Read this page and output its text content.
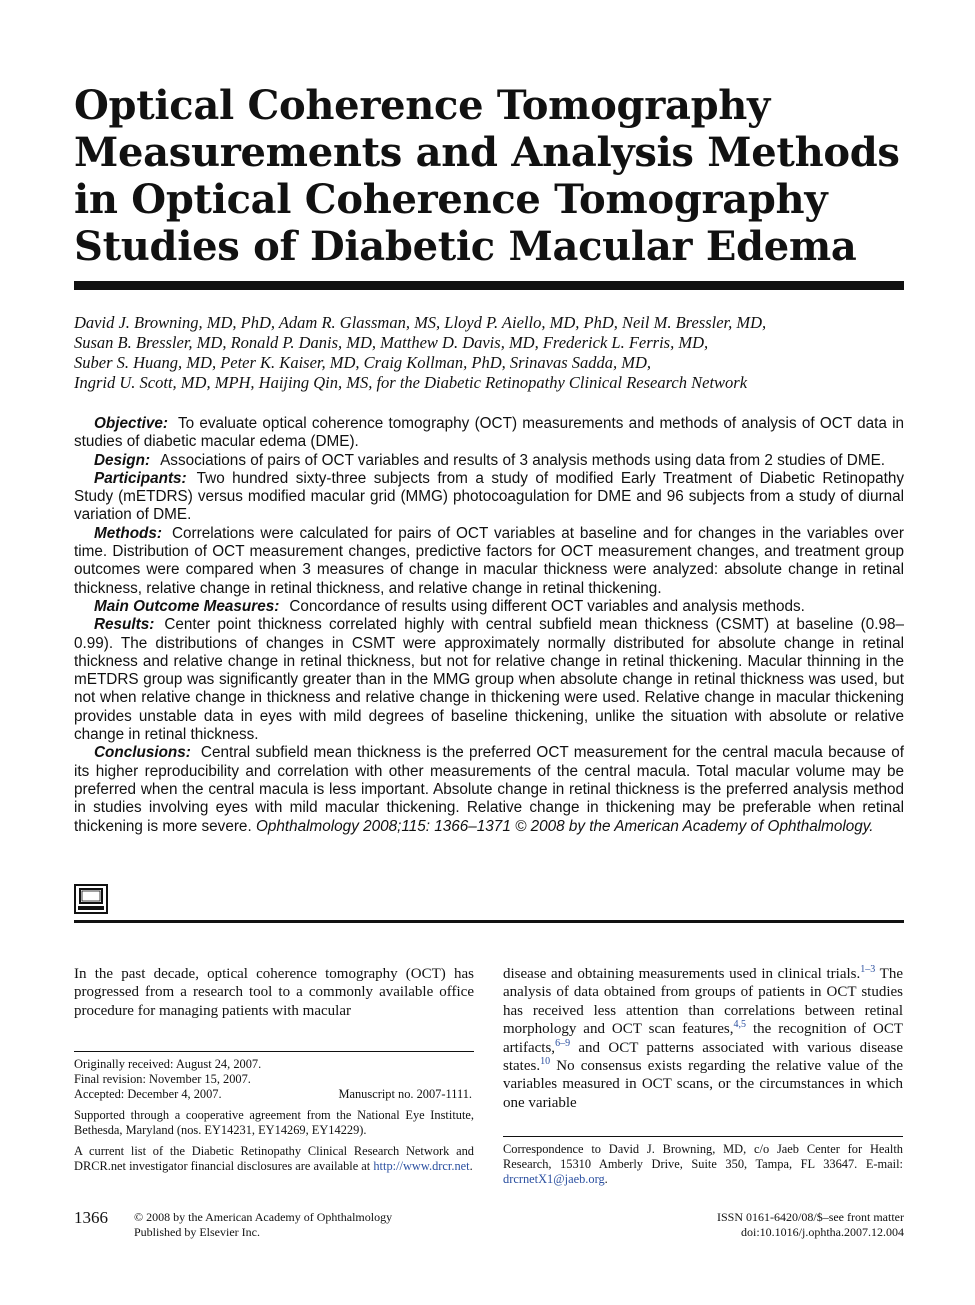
Optical Coherence Tomography Measurements and Analysis Methods in Optical Coherence Tomography Studies of Diabetic Macular Edema
David J. Browning, MD, PhD, Adam R. Glassman, MS, Lloyd P. Aiello, MD, PhD, Neil M. Bressler, MD,
Susan B. Bressler, MD, Ronald P. Danis, MD, Matthew D. Davis, MD, Frederick L. Ferris, MD,
Suber S. Huang, MD, Peter K. Kaiser, MD, Craig Kollman, PhD, Srinavas Sadda, MD,
Ingrid U. Scott, MD, MPH, Haijing Qin, MS, for the Diabetic Retinopathy Clinical Research Network

Objective: To evaluate optical coherence tomography (OCT) measurements and methods of analysis of OCT data in studies of diabetic macular edema (DME).

Design: Associations of pairs of OCT variables and results of 3 analysis methods using data from 2 studies of DME.

Participants: Two hundred sixty-three subjects from a study of modified Early Treatment of Diabetic Retinopathy Study (mETDRS) versus modified macular grid (MMG) photocoagulation for DME and 96 subjects from a study of diurnal variation of DME.

Methods: Correlations were calculated for pairs of OCT variables at baseline and for changes in the variables over time. Distribution of OCT measurement changes, predictive factors for OCT measurement changes, and treatment group outcomes were compared when 3 measures of change in macular thickness were analyzed: absolute change in retinal thickness, relative change in retinal thickness, and relative change in retinal thickening.

Main Outcome Measures: Concordance of results using different OCT variables and analysis methods.

Results: Center point thickness correlated highly with central subfield mean thickness (CSMT) at baseline (0.98–0.99). The distributions of changes in CSMT were approximately normally distributed for absolute change in retinal thickness and relative change in retinal thickness, but not for relative change in retinal thickening. Macular thinning in the mETDRS group was significantly greater than in the MMG group when absolute change in retinal thickness was used, but not when relative change in thickness and relative change in thickening were used. Relative change in macular thickening provides unstable data in eyes with mild degrees of baseline thickening, unlike the situation with absolute or relative change in retinal thickness.

Conclusions: Central subfield mean thickness is the preferred OCT measurement for the central macula because of its higher reproducibility and correlation with other measurements of the central macula. Total macular volume may be preferred when the central macula is less important. Absolute change in retinal thickness is the preferred analysis method in studies involving eyes with mild macular thickening. Relative change in thickening may be preferable when retinal thickening is more severe. Ophthalmology 2008;115: 1366–1371 © 2008 by the American Academy of Ophthalmology.

In the past decade, optical coherence tomography (OCT) has progressed from a research tool to a commonly available office procedure for managing patients with macular

disease and obtaining measurements used in clinical trials.$^{1-3}$ The analysis of data obtained from groups of patients in OCT studies has received less attention than correlations between retinal morphology and OCT scan features,$^{4,5}$ the recognition of OCT artifacts,$^{6-9}$ and OCT patterns associated with various disease states.$^{10}$ No consensus exists regarding the relative value of the variables measured in OCT scans, or the circumstances in which one variable

Originally received: August 24, 2007.
Final revision: November 15, 2007.
Accepted: December 4, 2007.	Manuscript no. 2007-1111.

Supported through a cooperative agreement from the National Eye Institute, Bethesda, Maryland (nos. EY14231, EY14269, EY14229).

A current list of the Diabetic Retinopathy Clinical Research Network and DRCR.net investigator financial disclosures are available at http://www.drcr.net.

Correspondence to David J. Browning, MD, c/o Jaeb Center for Health Research, 15310 Amberly Drive, Suite 350, Tampa, FL 33647. E-mail: drcrnetX1@jaeb.org.

1366 © 2008 by the American Academy of Ophthalmology
Published by Elsevier Inc.
ISSN 0161-6420/08/$–see front matter
doi:10.1016/j.ophtha.2007.12.004
